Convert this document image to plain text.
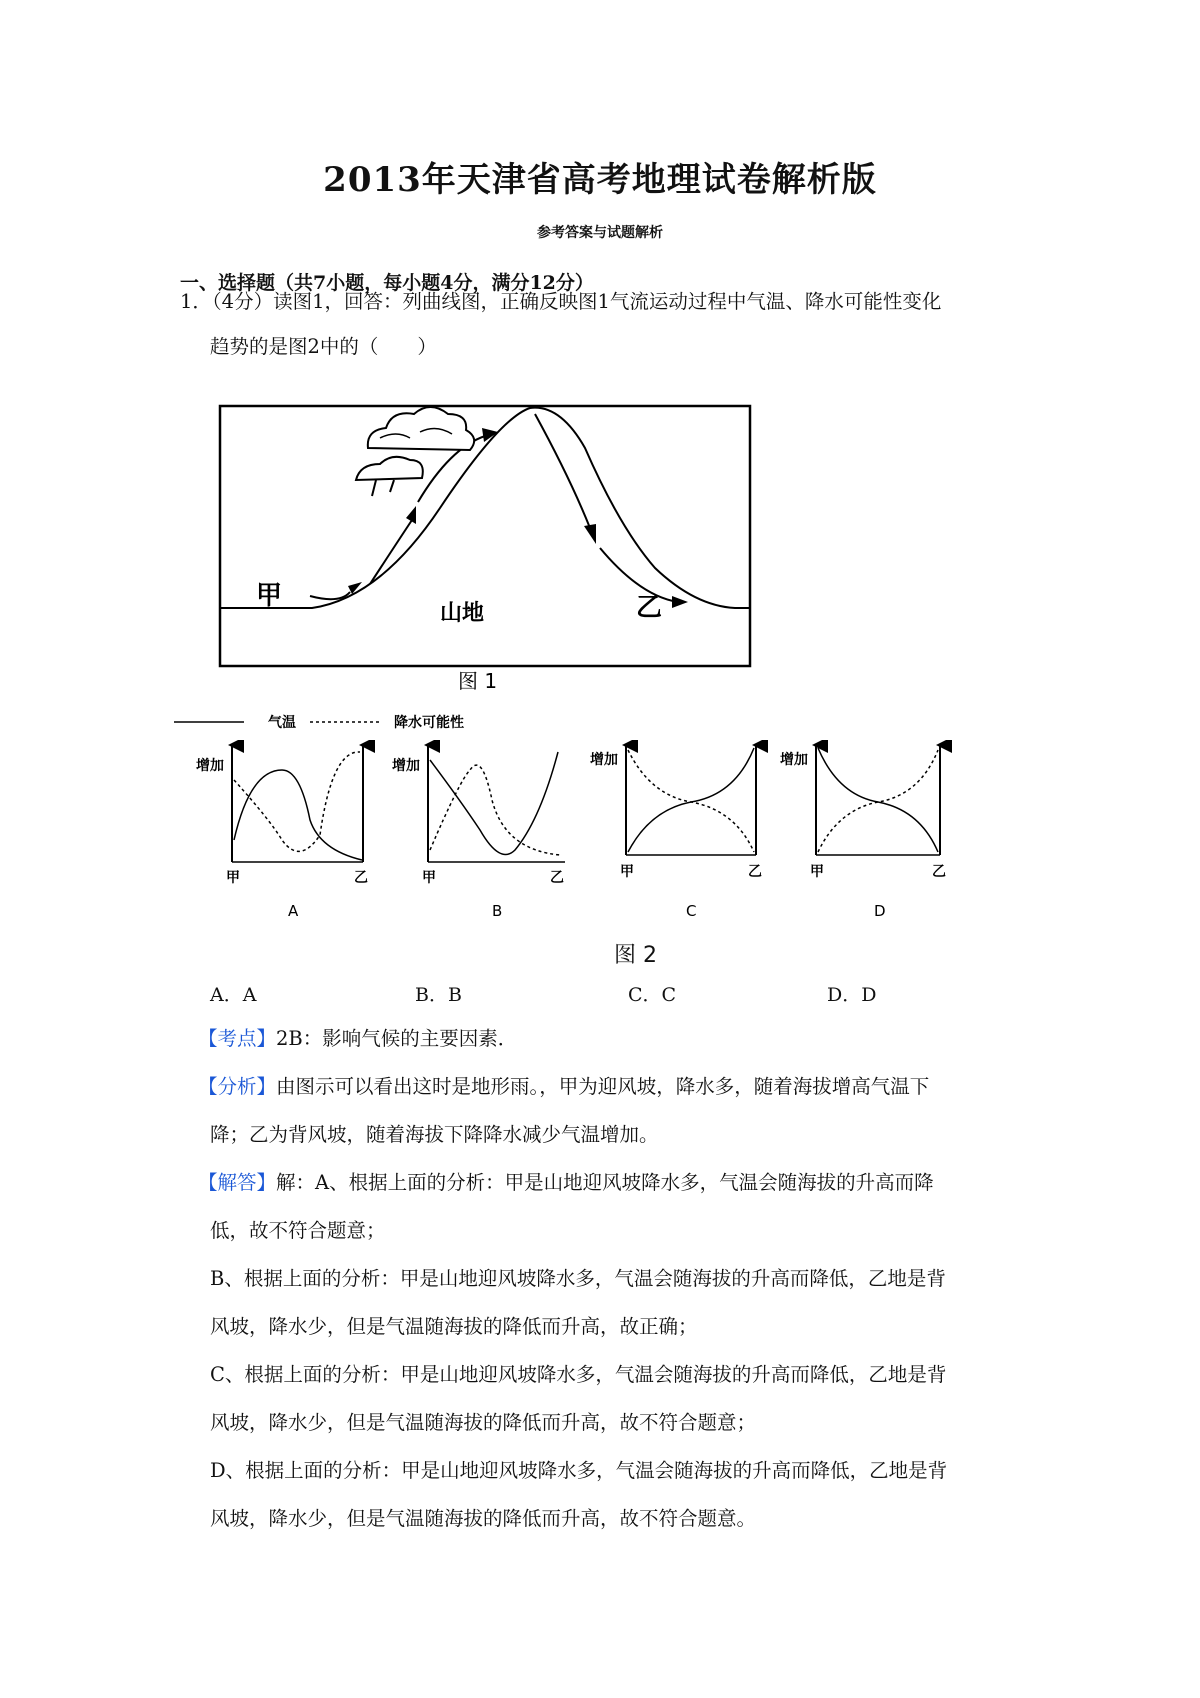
2013年天津省高考地理试卷解析版
参考答案与试题解析
一、选择题（共7小题，每小题4分，满分12分）
1．（4分）读图1，回答：列曲线图，正确反映图1气流运动过程中气温、降水可能性变化
趋势的是图2中的（　　）
甲	乙
山地
图 1
气温	降水可能性
增加
甲	乙
A
增加
甲	乙
B
增加
甲	乙
C
增加
甲	乙
D
图 2
A．A	B．B	C．C	D．D
【考点】2B：影响气候的主要因素．
【分析】由图示可以看出这时是地形雨。，甲为迎风坡，降水多，随着海拔增高气温下
降；乙为背风坡，随着海拔下降降水减少气温增加。
【解答】解：A、根据上面的分析：甲是山地迎风坡降水多，气温会随海拔的升高而降
低，故不符合题意；
B、根据上面的分析：甲是山地迎风坡降水多，气温会随海拔的升高而降低，乙地是背
风坡，降水少，但是气温随海拔的降低而升高，故正确；
C、根据上面的分析：甲是山地迎风坡降水多，气温会随海拔的升高而降低，乙地是背
风坡，降水少，但是气温随海拔的降低而升高，故不符合题意；
D、根据上面的分析：甲是山地迎风坡降水多，气温会随海拔的升高而降低，乙地是背
风坡，降水少，但是气温随海拔的降低而升高，故不符合题意。
